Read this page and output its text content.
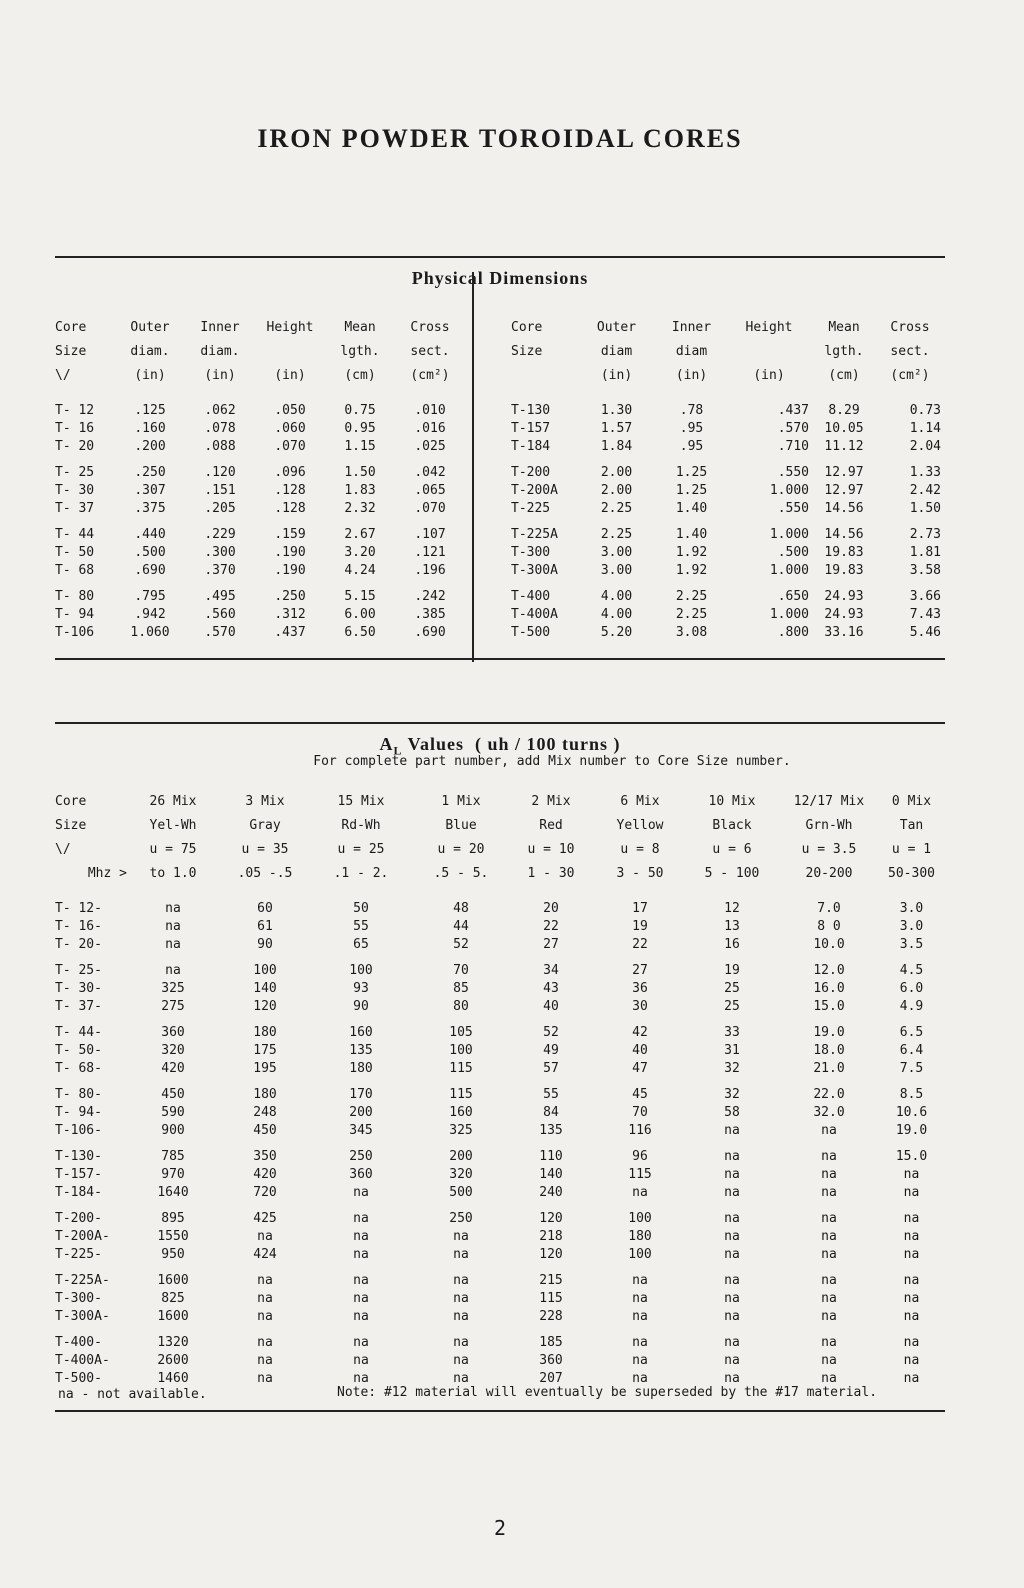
IRON POWDER TOROIDAL CORES
Physical Dimensions
Core	Outer	Inner	Height	Mean	Cross
Size	diam.	diam.		lgth.	sect.
\/	(in)	(in)	(in)	(cm)	(cm²)

T- 12	.125	.062	.050	0.75	.010
T- 16	.160	.078	.060	0.95	.016
T- 20	.200	.088	.070	1.15	.025

T- 25	.250	.120	.096	1.50	.042
T- 30	.307	.151	.128	1.83	.065
T- 37	.375	.205	.128	2.32	.070

T- 44	.440	.229	.159	2.67	.107
T- 50	.500	.300	.190	3.20	.121
T- 68	.690	.370	.190	4.24	.196

T- 80	.795	.495	.250	5.15	.242
T- 94	.942	.560	.312	6.00	.385
T-106	1.060	.570	.437	6.50	.690
Core	Outer	Inner	Height	Mean	Cross
Size	diam	diam		lgth.	sect.
	(in)	(in)	(in)	(cm)	(cm²)

T-130	1.30	.78	.437	8.29	0.73
T-157	1.57	.95	.570	10.05	1.14
T-184	1.84	.95	.710	11.12	2.04

T-200	2.00	1.25	.550	12.97	1.33
T-200A	2.00	1.25	1.000	12.97	2.42
T-225	2.25	1.40	.550	14.56	1.50

T-225A	2.25	1.40	1.000	14.56	2.73
T-300	3.00	1.92	.500	19.83	1.81
T-300A	3.00	1.92	1.000	19.83	3.58

T-400	4.00	2.25	.650	24.93	3.66
T-400A	4.00	2.25	1.000	24.93	7.43
T-500	5.20	3.08	.800	33.16	5.46
$A_L$ Values  ( uh / 100 turns )
For complete part number, add Mix number to Core Size number.
Core	26 Mix	3 Mix	15 Mix	1 Mix	2 Mix	6 Mix	10 Mix	12/17 Mix	0 Mix
Size	Yel-Wh	Gray	Rd-Wh	Blue	Red	Yellow	Black	Grn-Wh	Tan
\/	u = 75	u = 35	u = 25	u = 20	u = 10	u = 8	u = 6	u = 3.5	u = 1
Mhz >	to 1.0	.05 -.5	.1 - 2.	.5 - 5.	1 - 30	3 - 50	5 - 100	20-200	50-300

T- 12-	na	60	50	48	20	17	12	7.0	3.0
T- 16-	na	61	55	44	22	19	13	8 0	3.0
T- 20-	na	90	65	52	27	22	16	10.0	3.5

T- 25-	na	100	100	70	34	27	19	12.0	4.5
T- 30-	325	140	93	85	43	36	25	16.0	6.0
T- 37-	275	120	90	80	40	30	25	15.0	4.9

T- 44-	360	180	160	105	52	42	33	19.0	6.5
T- 50-	320	175	135	100	49	40	31	18.0	6.4
T- 68-	420	195	180	115	57	47	32	21.0	7.5

T- 80-	450	180	170	115	55	45	32	22.0	8.5
T- 94-	590	248	200	160	84	70	58	32.0	10.6
T-106-	900	450	345	325	135	116	na	na	19.0

T-130-	785	350	250	200	110	96	na	na	15.0
T-157-	970	420	360	320	140	115	na	na	na
T-184-	1640	720	na	500	240	na	na	na	na

T-200-	895	425	na	250	120	100	na	na	na
T-200A-	1550	na	na	na	218	180	na	na	na
T-225-	950	424	na	na	120	100	na	na	na

T-225A-	1600	na	na	na	215	na	na	na	na
T-300-	825	na	na	na	115	na	na	na	na
T-300A-	1600	na	na	na	228	na	na	na	na

T-400-	1320	na	na	na	185	na	na	na	na
T-400A-	2600	na	na	na	360	na	na	na	na
T-500-	1460	na	na	na	207	na	na	na	na
na - not available.	Note: #12 material will eventually be superseded by the #17 material.
2
